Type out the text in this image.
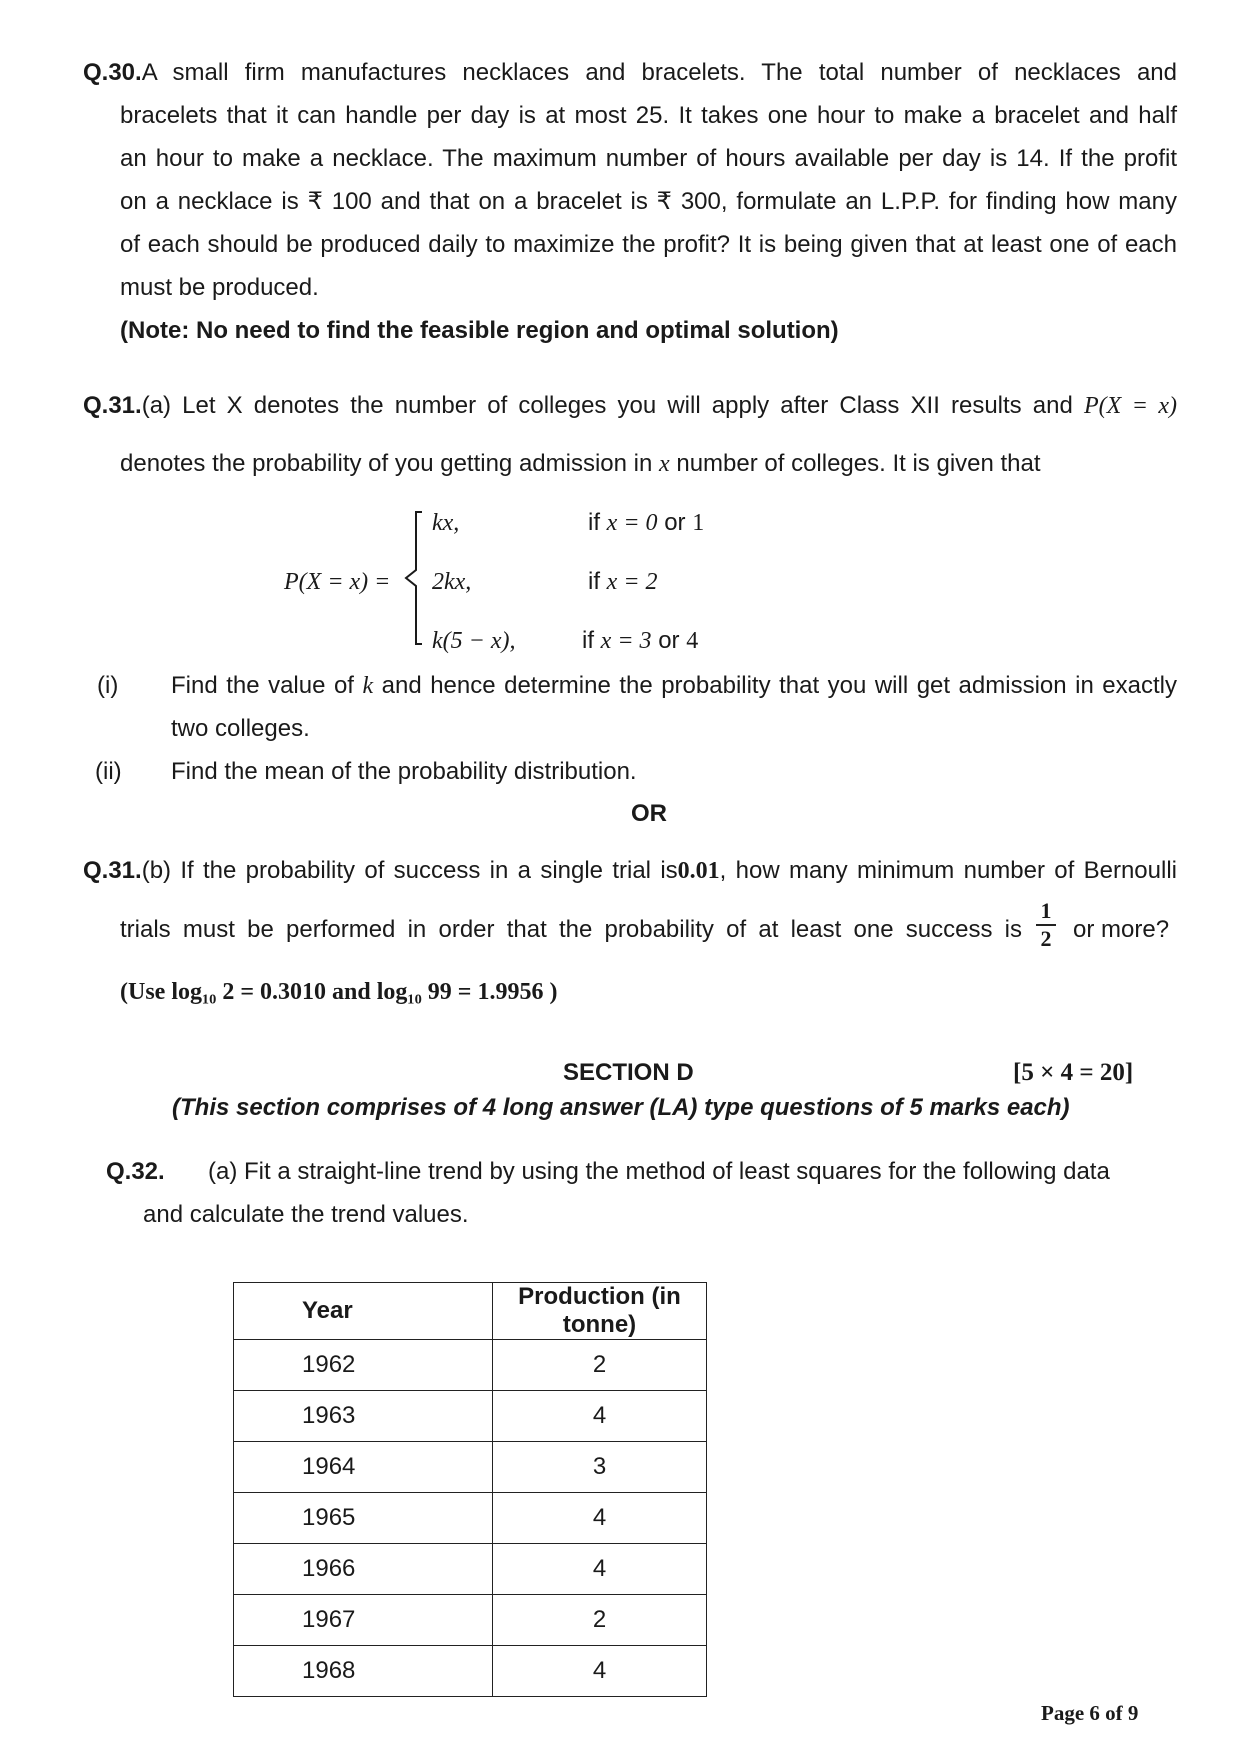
Q.30.A small firm manufactures necklaces and bracelets. The total number of necklaces and
bracelets that it can handle per day is at most 25. It takes one hour to make a bracelet and half
an hour to make a necklace. The maximum number of hours available per day is 14. If the profit
on a necklace is ₹ 100 and that on a bracelet is ₹ 300, formulate an L.P.P. for finding how many
of each should be produced daily to maximize the profit? It is being given that at least one of each
must be produced.
(Note: No need to find the feasible region and optimal solution)
Q.31.(a) Let X denotes the number of colleges you will apply after Class XII results and P(X = x)
denotes the probability of you getting admission in x number of colleges. It is given that
P(X = x) =
kx,	if x = 0 or 1
2kx,	if x = 2
k(5 − x),	if x = 3 or 4
(i) Find the value of k and hence determine the probability that you will get admission in exactly
two colleges.
(ii) Find the mean of the probability distribution.
OR
Q.31.(b) If the probability of success in a single trial is0.01, how many minimum number of Bernoulli
trials must be performed in order that the probability of at least one success is
1
2 or more?
(Use log₁₀ 2 = 0.3010 and log₁₀ 99 = 1.9956 )
SECTION D	[5 × 4 = 20]
(This section comprises of 4 long answer (LA) type questions of 5 marks each)
Q.32. (a) Fit a straight-line trend by using the method of least squares for the following data
and calculate the trend values.
Year	Production (in tonne)
1962	2
1963	4
1964	3
1965	4
1966	4
1967	2
1968	4
Page 6 of 9
